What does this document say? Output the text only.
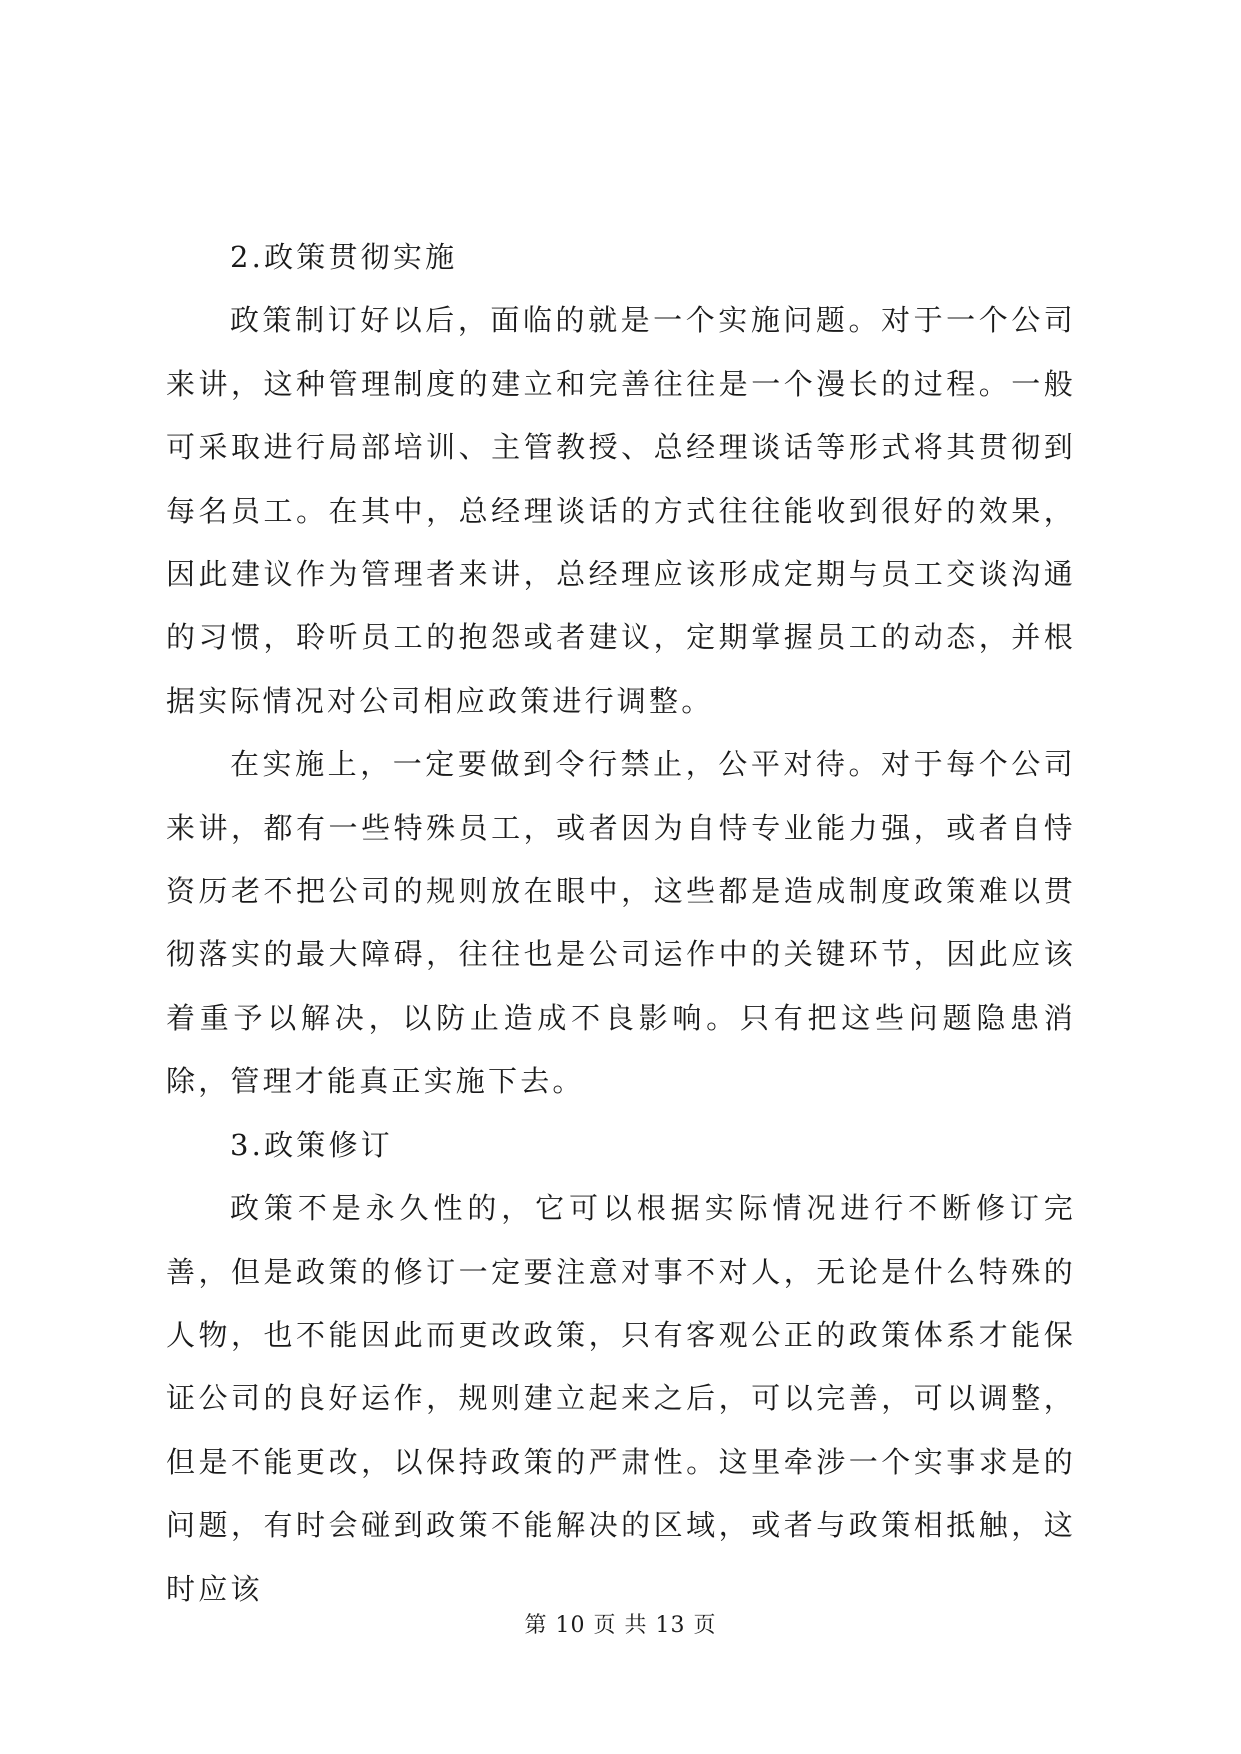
2.政策贯彻实施

政策制订好以后，面临的就是一个实施问题。对于一个公司来讲，这种管理制度的建立和完善往往是一个漫长的过程。一般可采取进行局部培训、主管教授、总经理谈话等形式将其贯彻到每名员工。在其中，总经理谈话的方式往往能收到很好的效果，因此建议作为管理者来讲，总经理应该形成定期与员工交谈沟通的习惯，聆听员工的抱怨或者建议，定期掌握员工的动态，并根据实际情况对公司相应政策进行调整。

在实施上，一定要做到令行禁止，公平对待。对于每个公司来讲，都有一些特殊员工，或者因为自恃专业能力强，或者自恃资历老不把公司的规则放在眼中，这些都是造成制度政策难以贯彻落实的最大障碍，往往也是公司运作中的关键环节，因此应该着重予以解决，以防止造成不良影响。只有把这些问题隐患消除，管理才能真正实施下去。

3.政策修订

政策不是永久性的，它可以根据实际情况进行不断修订完善，但是政策的修订一定要注意对事不对人，无论是什么特殊的人物，也不能因此而更改政策，只有客观公正的政策体系才能保证公司的良好运作，规则建立起来之后，可以完善，可以调整，但是不能更改，以保持政策的严肃性。这里牵涉一个实事求是的问题，有时会碰到政策不能解决的区域，或者与政策相抵触，这时应该

第 10 页 共 13 页
